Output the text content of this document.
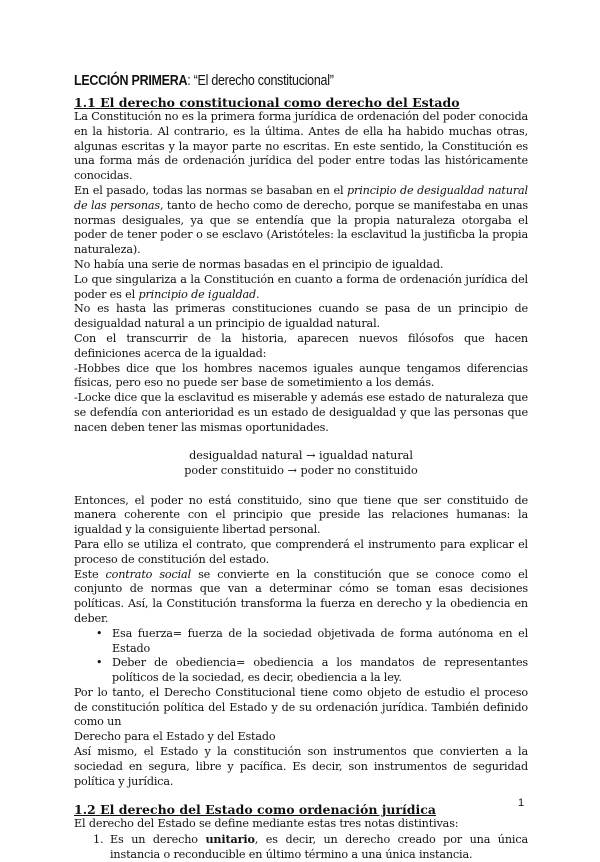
LECCIÓN PRIMERA: “El derecho constitucional”
1.1 El derecho constitucional como derecho del Estado

La Constitución no es la primera forma jurídica de ordenación del poder conocida en la historia. Al contrario, es la última. Antes de ella ha habido muchas otras, algunas escritas y la mayor parte no escritas. En este sentido, la Constitución es una forma más de ordenación jurídica del poder entre todas las históricamente conocidas.

En el pasado, todas las normas se basaban en el principio de desigualdad natural de las personas, tanto de hecho como de derecho, porque se manifestaba en unas normas desiguales, ya que se entendía que la propia naturaleza otorgaba el poder de tener poder o se esclavo (Aristóteles: la esclavitud la justificba la propia naturaleza).

No había una serie de normas basadas en el principio de igualdad.

Lo que singulariza a la Constitución en cuanto a forma de ordenación jurídica del poder es el principio de igualdad.

No es hasta las primeras constituciones cuando se pasa de un principio de desigualdad natural a un principio de igualdad natural.

Con el transcurrir de la historia, aparecen nuevos filósofos que hacen definiciones acerca de la igualdad:

-Hobbes dice que los hombres nacemos iguales aunque tengamos diferencias físicas, pero eso no puede ser base de sometimiento a los demás.

-Locke dice que la esclavitud es miserable y además ese estado de naturaleza que se defendía con anterioridad es un estado de desigualdad y que las personas que nacen deben tener las mismas oportunidades.

desigualdad natural → igualdad natural
poder constituido → poder no constituido

Entonces, el poder no está constituido, sino que tiene que ser constituido de manera coherente con el principio que preside las relaciones humanas: la igualdad y la consiguiente libertad personal.

Para ello se utiliza el contrato, que comprenderá el instrumento para explicar el proceso de constitución del estado.

Este contrato social se convierte en la constitución que se conoce como el conjunto de normas que van a determinar cómo se toman esas decisiones políticas. Así, la Constitución transforma la fuerza en derecho y la obediencia en deber.

• Esa fuerza= fuerza de la sociedad objetivada de forma autónoma en el Estado
• Deber de obediencia= obediencia a los mandatos de representantes políticos de la sociedad, es decir, obediencia a la ley.

Por lo tanto, el Derecho Constitucional tiene como objeto de estudio el proceso de constitución política del Estado y de su ordenación jurídica. También definido como un

Derecho para el Estado y del Estado

Así mismo, el Estado y la constitución son instrumentos que convierten a la sociedad en segura, libre y pacífica. Es decir, son instrumentos de seguridad política y jurídica.

1.2 El derecho del Estado como ordenación jurídica

El derecho del Estado se define mediante estas tres notas distintivas:

1. Es un derecho unitario, es decir, un derecho creado por una única instancia o reconducible en último término a una única instancia.
1
